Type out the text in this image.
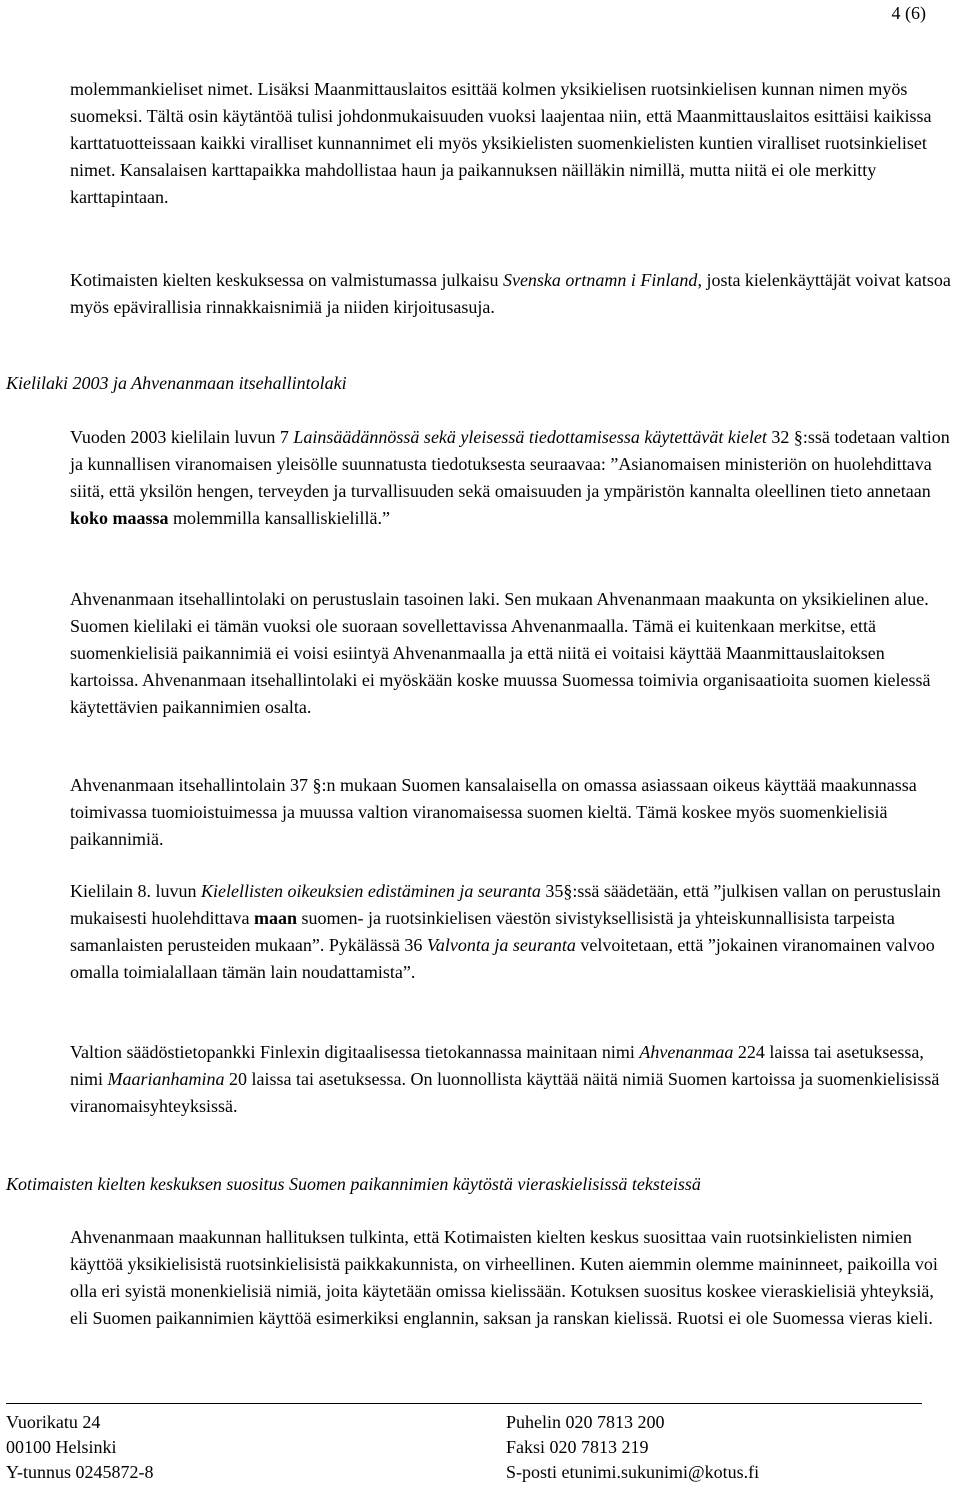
4 (6)

molemmankieliset nimet. Lisäksi Maanmittauslaitos esittää kolmen yksikielisen ruotsinkielisen kunnan nimen myös suomeksi. Tältä osin käytäntöä tulisi johdonmukaisuuden vuoksi laajentaa niin, että Maanmittauslaitos esittäisi kaikissa karttatuotteissaan kaikki viralliset kunnannimet eli myös yksikielisten suomenkielisten kuntien viralliset ruotsinkieliset nimet. Kansalaisen karttapaikka mahdollistaa haun ja paikannuksen näilläkin nimillä, mutta niitä ei ole merkitty karttapintaan.

Kotimaisten kielten keskuksessa on valmistumassa julkaisu Svenska ortnamn i Finland, josta kielenkäyttäjät voivat katsoa myös epävirallisia rinnakkaisnimiä ja niiden kirjoitusasuja.

Kielilaki 2003 ja Ahvenanmaan itsehallintolaki

Vuoden 2003 kielilain luvun 7 Lainsäädännössä sekä yleisessä tiedottamisessa käytettävät kielet 32 §:ssä todetaan valtion ja kunnallisen viranomaisen yleisölle suunnatusta tiedotuksesta seuraavaa: ”Asianomaisen ministeriön on huolehdittava siitä, että yksilön hengen, terveyden ja turvallisuuden sekä omaisuuden ja ympäristön kannalta oleellinen tieto annetaan koko maassa molemmilla kansalliskielillä.”

Ahvenanmaan itsehallintolaki on perustuslain tasoinen laki. Sen mukaan Ahvenanmaan maakunta on yksikielinen alue. Suomen kielilaki ei tämän vuoksi ole suoraan sovellettavissa Ahvenanmaalla. Tämä ei kuitenkaan merkitse, että suomenkielisiä paikannimiä ei voisi esiintyä Ahvenanmaalla ja että niitä ei voitaisi käyttää Maanmittauslaitoksen kartoissa. Ahvenanmaan itsehallintolaki ei myöskään koske muussa Suomessa toimivia organisaatioita suomen kielessä käytettävien paikannimien osalta.

Ahvenanmaan itsehallintolain 37 §:n mukaan Suomen kansalaisella on omassa asiassaan oikeus käyttää maakunnassa toimivassa tuomioistuimessa ja muussa valtion viranomaisessa suomen kieltä. Tämä koskee myös suomenkielisiä paikannimiä.

Kielilain 8. luvun Kielellisten oikeuksien edistäminen ja seuranta 35§:ssä säädetään, että ”julkisen vallan on perustuslain mukaisesti huolehdittava maan suomen- ja ruotsinkielisen väestön sivistyksellisistä ja yhteiskunnallisista tarpeista samanlaisten perusteiden mukaan”. Pykälässä 36 Valvonta ja seuranta velvoitetaan, että ”jokainen viranomainen valvoo omalla toimialallaan tämän lain noudattamista”.

Valtion säädöstietopankki Finlexin digitaalisessa tietokannassa mainitaan nimi Ahvenanmaa 224 laissa tai asetuksessa, nimi Maarianhamina 20 laissa tai asetuksessa. On luonnollista käyttää näitä nimiä Suomen kartoissa ja suomenkielisissä viranomaisyhteyksissä.

Kotimaisten kielten keskuksen suositus Suomen paikannimien käytöstä vieraskielisissä teksteissä

Ahvenanmaan maakunnan hallituksen tulkinta, että Kotimaisten kielten keskus suosittaa vain ruotsinkielisten nimien käyttöä yksikielisistä ruotsinkielisistä paikkakunnista, on virheellinen. Kuten aiemmin olemme maininneet, paikoilla voi olla eri syistä monenkielisiä nimiä, joita käytetään omissa kielissään. Kotuksen suositus koskee vieraskielisiä yhteyksiä, eli Suomen paikannimien käyttöä esimerkiksi englannin, saksan ja ranskan kielissä. Ruotsi ei ole Suomessa vieras kieli.

Vuorikatu 24
00100 Helsinki
Y-tunnus 0245872-8
Puhelin 020 7813 200
Faksi 020 7813 219
S-posti etunimi.sukunimi@kotus.fi
